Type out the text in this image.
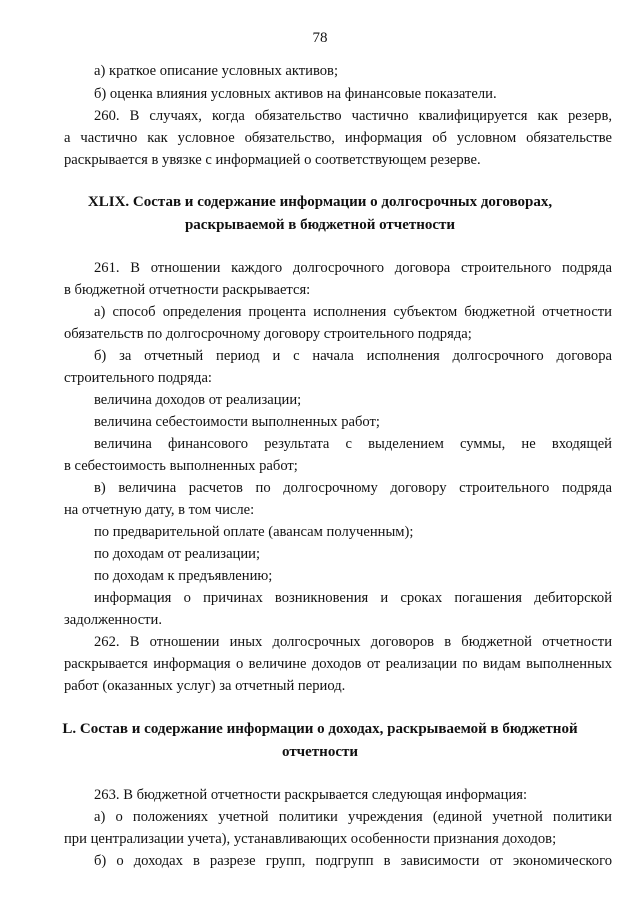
78
а) краткое описание условных активов;
б) оценка влияния условных активов на финансовые показатели.
260. В случаях, когда обязательство частично квалифицируется как резерв,
а частично как условное обязательство, информация об условном обязательстве
раскрывается в увязке с информацией о соответствующем резерве.
XLIX. Состав и содержание информации о долгосрочных договорах,
раскрываемой в бюджетной отчетности
261. В отношении каждого долгосрочного договора строительного подряда
в бюджетной отчетности раскрывается:
а) способ определения процента исполнения субъектом бюджетной отчетности
обязательств по долгосрочному договору строительного подряда;
б) за отчетный период и с начала исполнения долгосрочного договора
строительного подряда:
величина доходов от реализации;
величина себестоимости выполненных работ;
величина финансового результата с выделением суммы, не входящей
в себестоимость выполненных работ;
в) величина расчетов по долгосрочному договору строительного подряда
на отчетную дату, в том числе:
по предварительной оплате (авансам полученным);
по доходам от реализации;
по доходам к предъявлению;
информация о причинах возникновения и сроках погашения дебиторской
задолженности.
262. В отношении иных долгосрочных договоров в бюджетной отчетности
раскрывается информация о величине доходов от реализации по видам выполненных
работ (оказанных услуг) за отчетный период.
L. Состав и содержание информации о доходах, раскрываемой в бюджетной
отчетности
263. В бюджетной отчетности раскрывается следующая информация:
а) о положениях учетной политики учреждения (единой учетной политики
при централизации учета), устанавливающих особенности признания доходов;
б) о доходах в разрезе групп, подгрупп в зависимости от экономического
